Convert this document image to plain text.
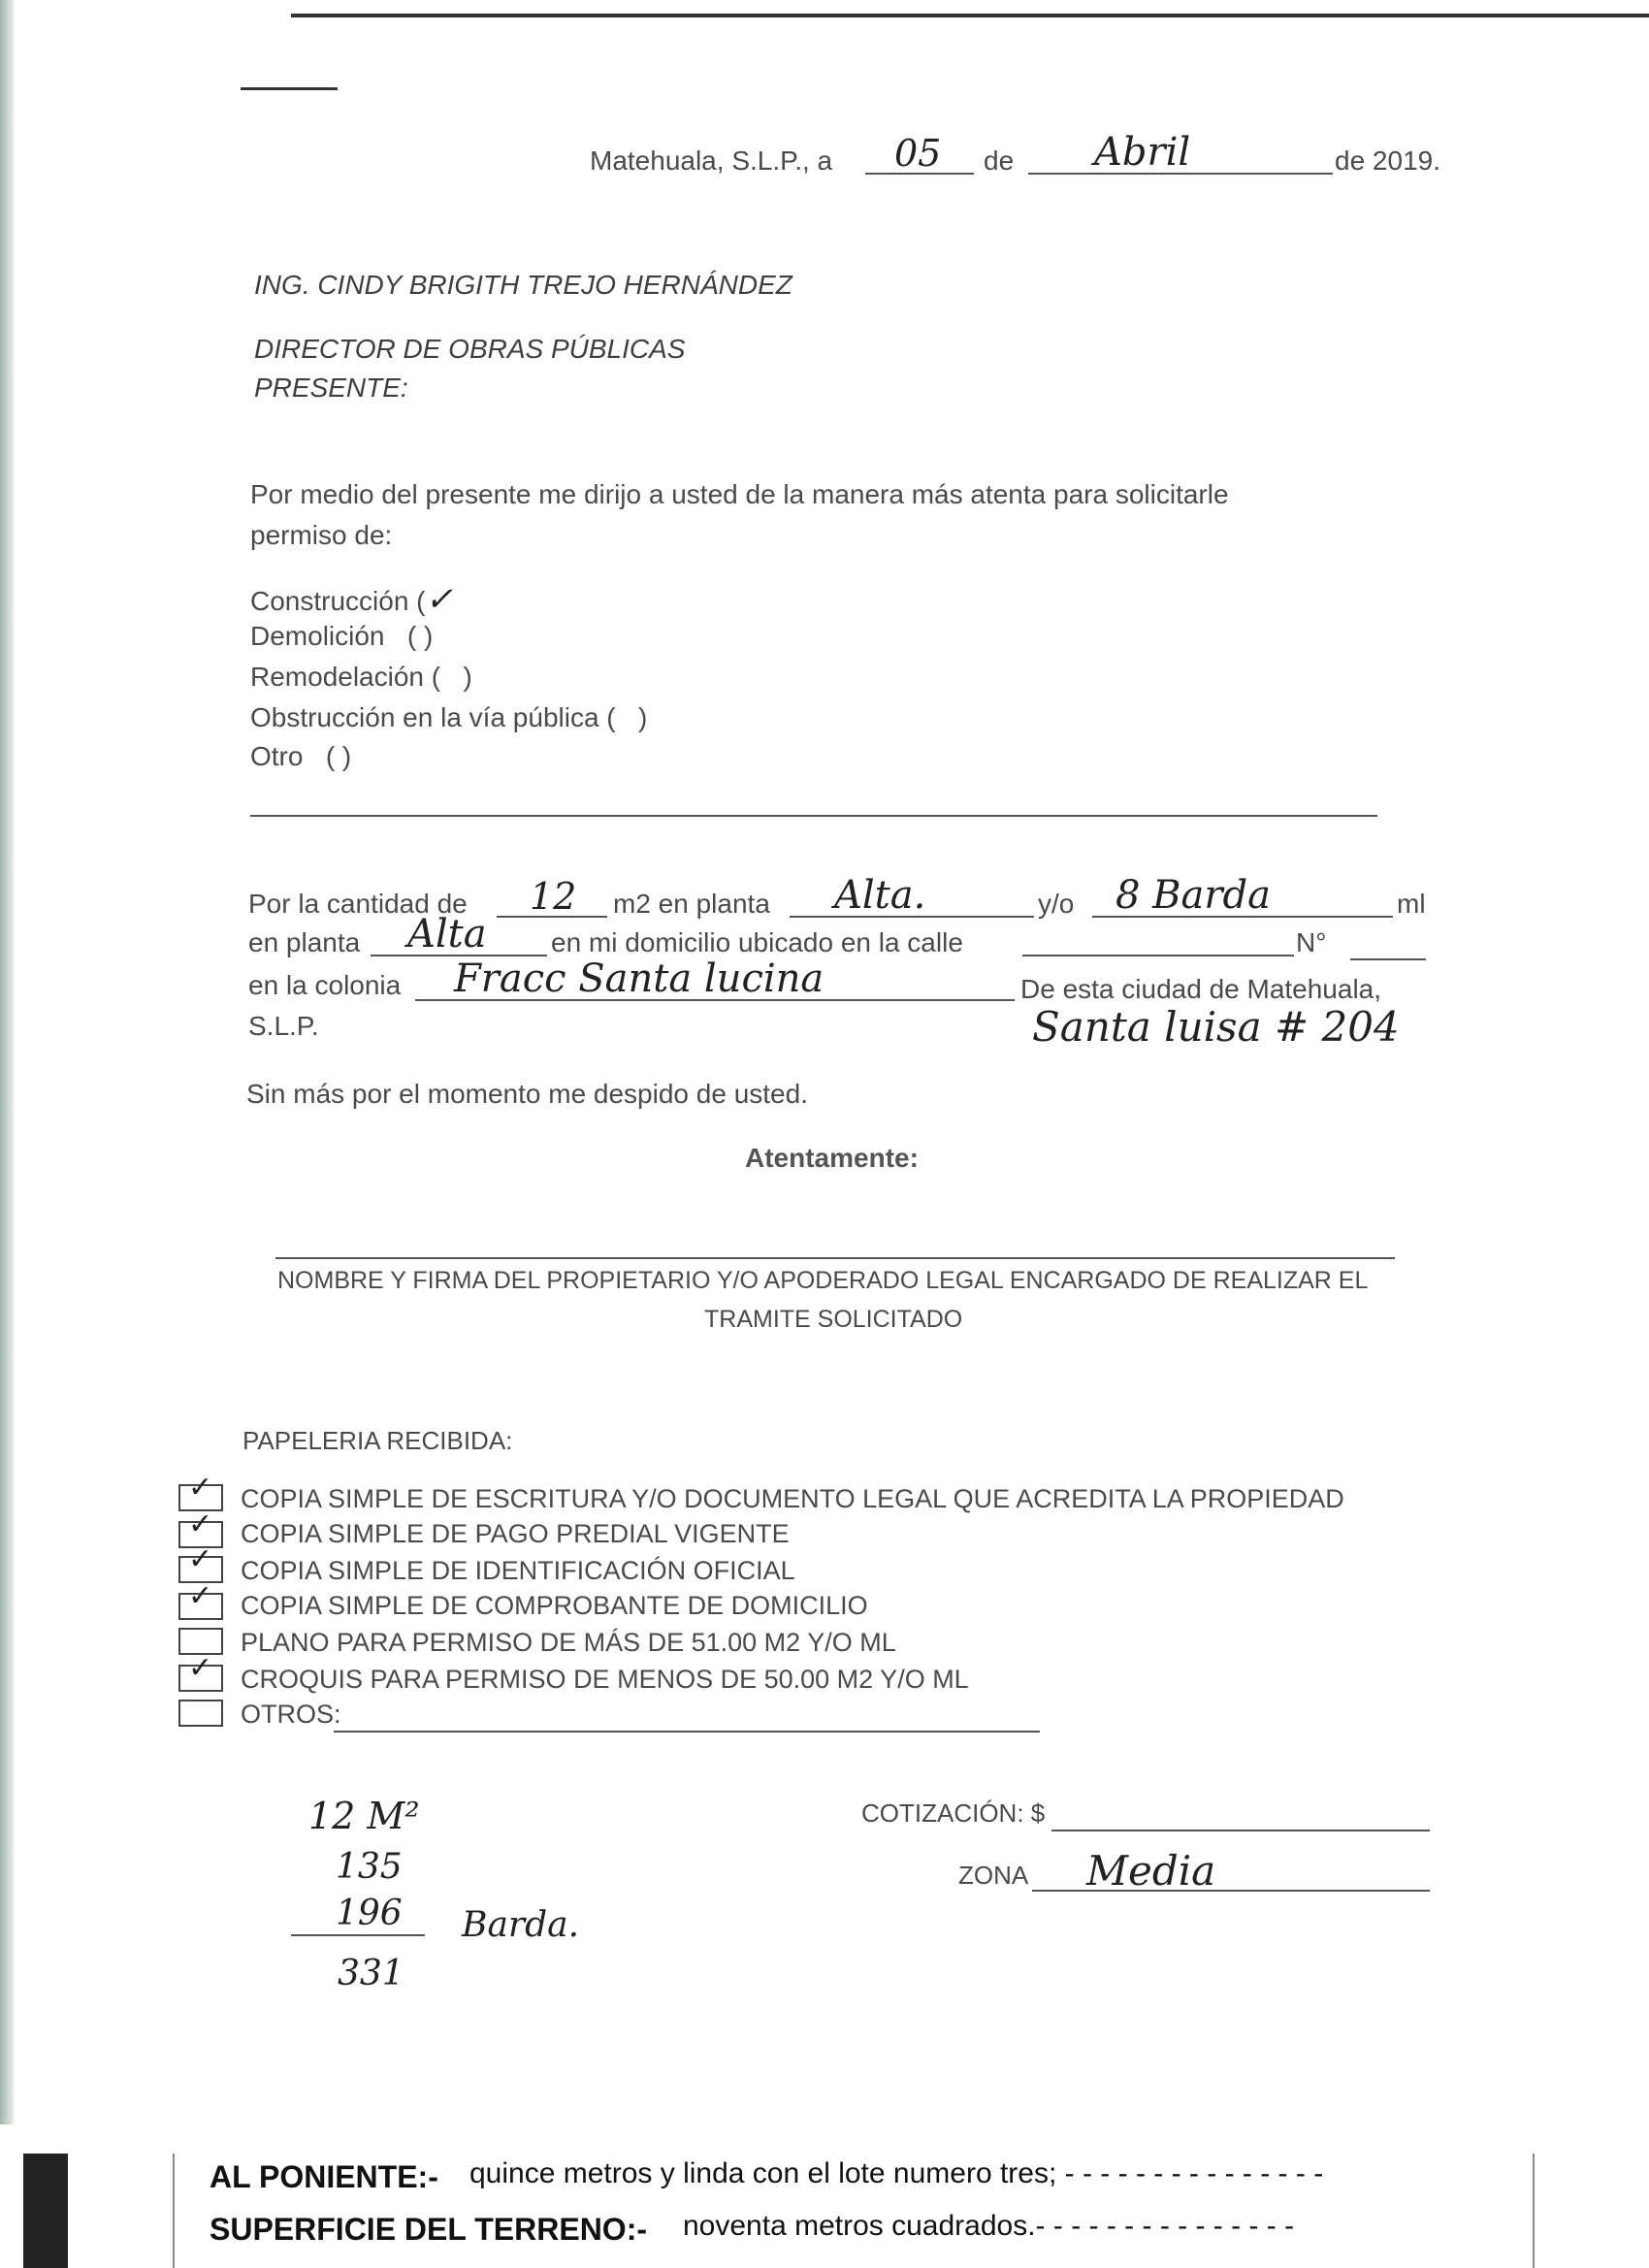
Matehuala, S.L.P., a 05 de Abril	de 2019.
ING. CINDY BRIGITH TREJO HERNÁNDEZ
DIRECTOR DE OBRAS PÚBLICAS
PRESENTE:
Por medio del presente me dirijo a usted de la manera más atenta para solicitarle
permiso de:
Construcción (✓
Demolición ( )
Remodelación ( )
Obstrucción en la vía pública ( )
Otro ( )
Por la cantidad de 12 m2 en planta Alta.	y/o 8 Barda	ml
en planta Alta en mi domicilio ubicado en la calle	N°
en la colonia Fracc Santa lucina	De esta ciudad de Matehuala,
S.L.P.	Santa luisa # 204
Sin más por el momento me despido de usted.
Atentamente:
NOMBRE Y FIRMA DEL PROPIETARIO Y/O APODERADO LEGAL ENCARGADO DE REALIZAR EL
TRAMITE SOLICITADO
PAPELERIA RECIBIDA:
✓ COPIA SIMPLE DE ESCRITURA Y/O DOCUMENTO LEGAL QUE ACREDITA LA PROPIEDAD
✓ COPIA SIMPLE DE PAGO PREDIAL VIGENTE
✓ COPIA SIMPLE DE IDENTIFICACIÓN OFICIAL
✓ COPIA SIMPLE DE COMPROBANTE DE DOMICILIO
PLANO PARA PERMISO DE MÁS DE 51.00 M2 Y/O ML
✓ CROQUIS PARA PERMISO DE MENOS DE 50.00 M2 Y/O ML
OTROS:
12 M²
135
196 Barda.
331
COTIZACIÓN: $
ZONA Media
AL PONIENTE:- quince metros y linda con el lote numero tres; - - - - - - - - - - - - - - -
SUPERFICIE DEL TERRENO:- noventa metros cuadrados.- - - - - - - - - - - - - - -
